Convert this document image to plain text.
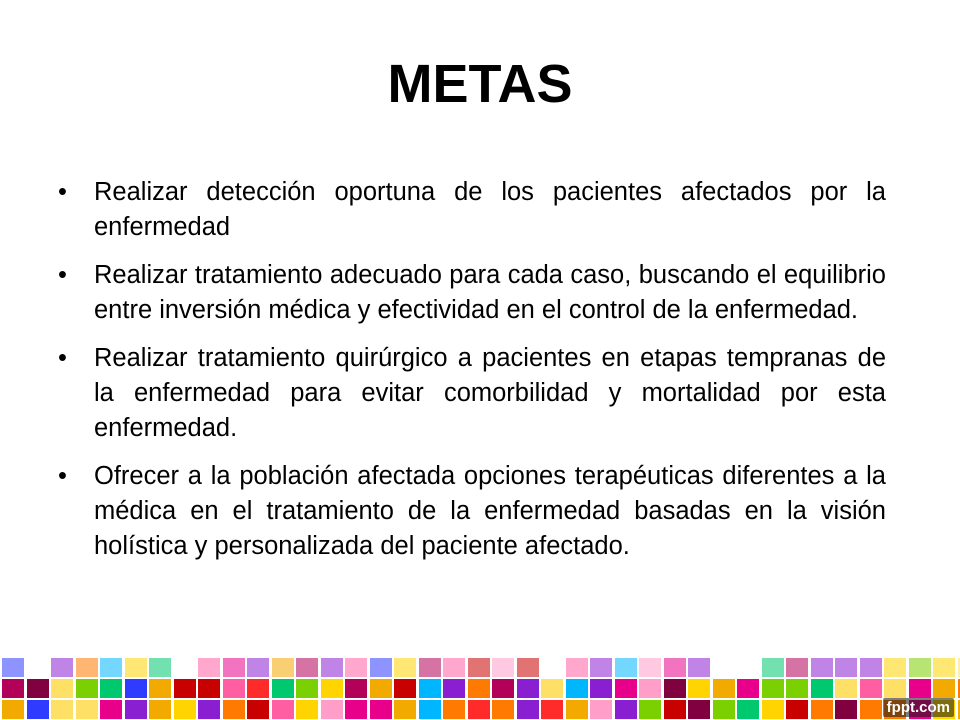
METAS
• Realizar detección oportuna de los pacientes afectados por la enfermedad
• Realizar tratamiento adecuado para cada caso, buscando el equilibrio entre inversión médica y efectividad en el control de la enfermedad.
• Realizar tratamiento quirúrgico a pacientes en etapas tempranas de la enfermedad para evitar comorbilidad y mortalidad por esta enfermedad.
• Ofrecer a la población afectada opciones terapéuticas diferentes a la médica en el tratamiento de la enfermedad basadas en la visión holística y personalizada del paciente afectado.
fppt.com
